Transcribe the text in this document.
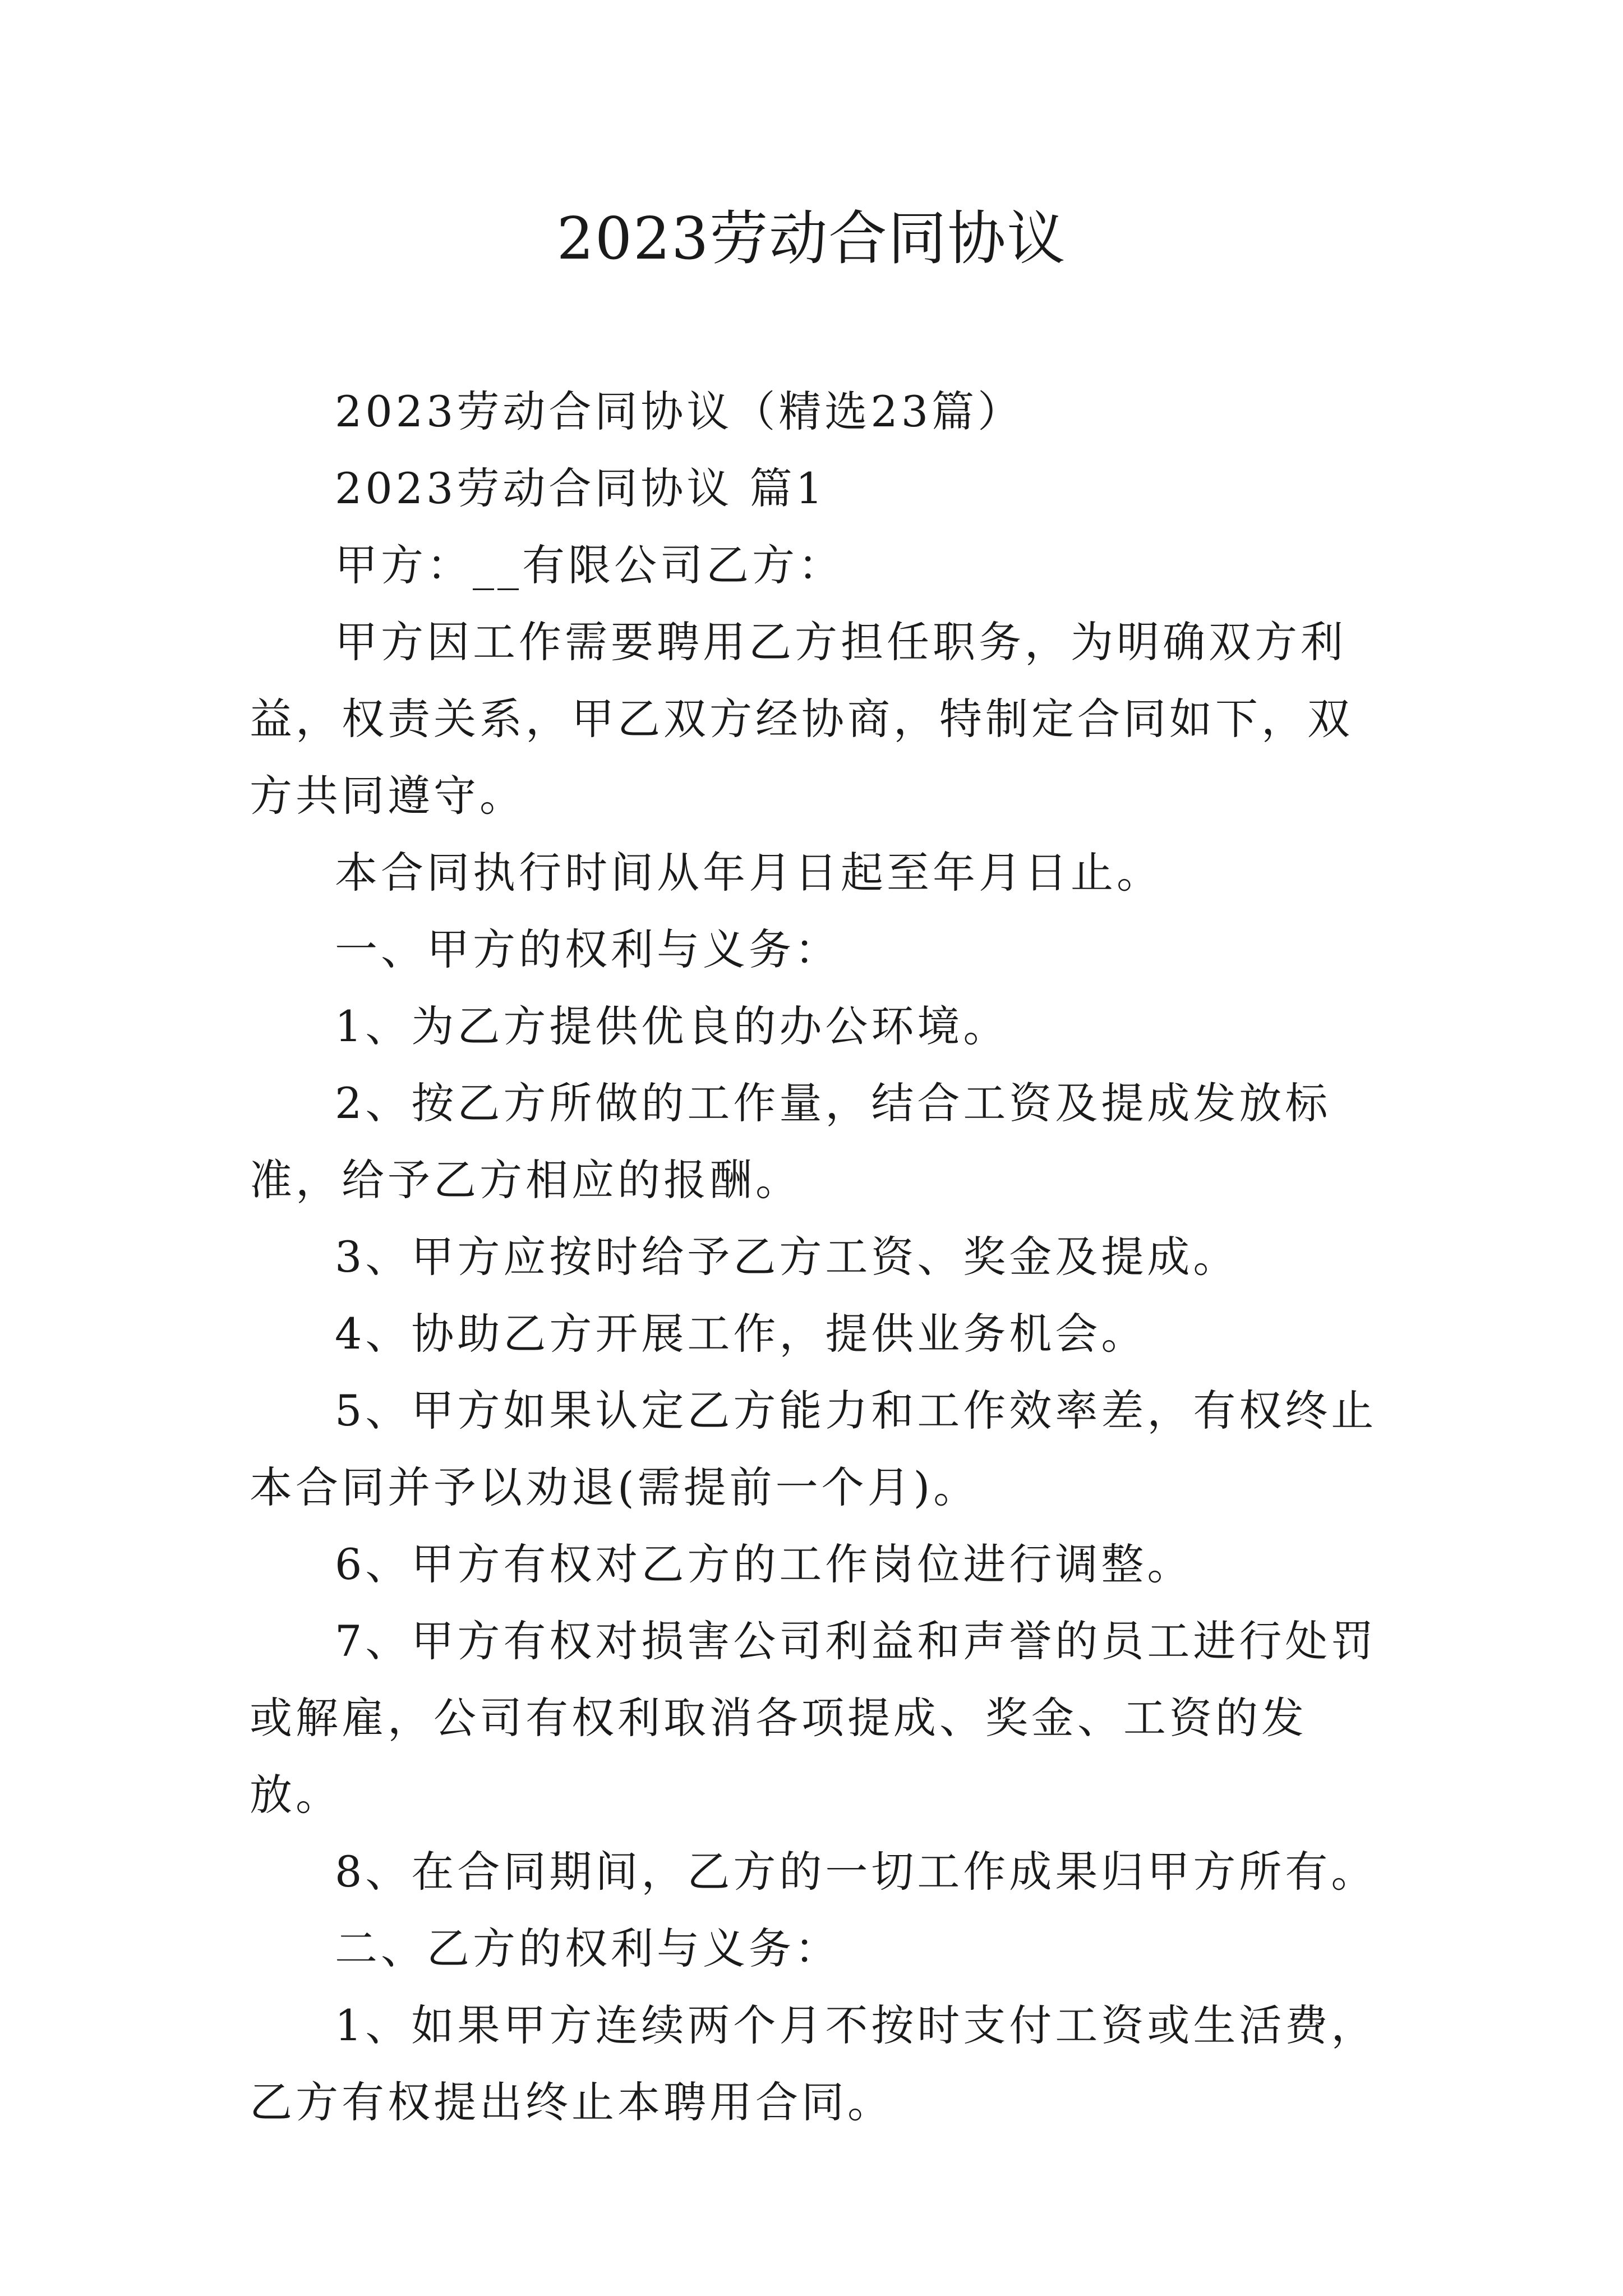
2023劳动合同协议

2023劳动合同协议（精选23篇）

2023劳动合同协议 篇1

甲方：__有限公司乙方：

甲方因工作需要聘用乙方担任职务，为明确双方利益，权责关系，甲乙双方经协商，特制定合同如下，双方共同遵守。

本合同执行时间从年月日起至年月日止。

一、甲方的权利与义务：

1、为乙方提供优良的办公环境。

2、按乙方所做的工作量，结合工资及提成发放标准，给予乙方相应的报酬。

3、甲方应按时给予乙方工资、奖金及提成。

4、协助乙方开展工作，提供业务机会。

5、甲方如果认定乙方能力和工作效率差，有权终止本合同并予以劝退(需提前一个月)。

6、甲方有权对乙方的工作岗位进行调整。

7、甲方有权对损害公司利益和声誉的员工进行处罚或解雇，公司有权利取消各项提成、奖金、工资的发放。

8、在合同期间，乙方的一切工作成果归甲方所有。

二、乙方的权利与义务：

1、如果甲方连续两个月不按时支付工资或生活费，乙方有权提出终止本聘用合同。
